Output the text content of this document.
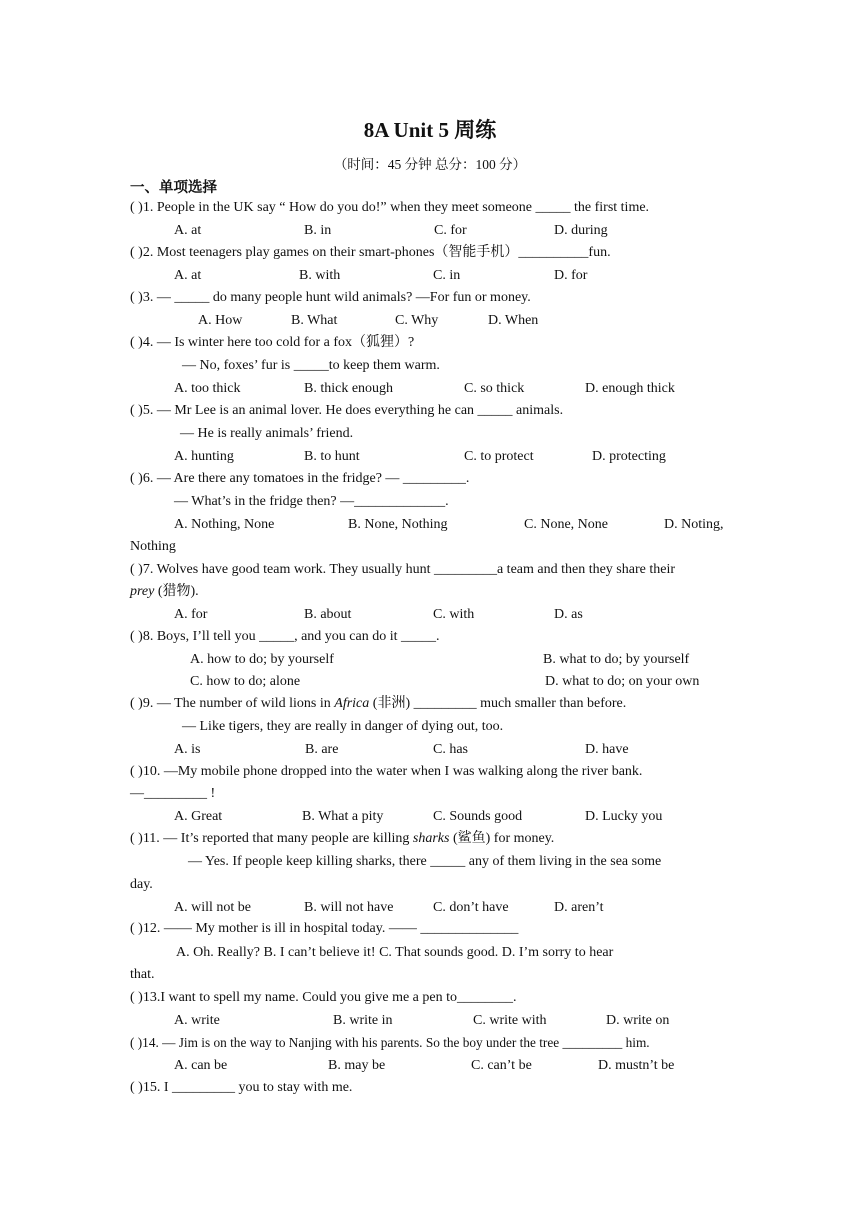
8A Unit 5 周练
（时间：45 分钟 总分：100 分）
一、单项选择
( )1. People in the UK say “ How do you do!” when they meet someone _____ the first time.
A. at	B. in	C. for	D. during
( )2. Most teenagers play games on their smart-phones（智能手机）__________fun.
A. at	B. with	C. in	D. for
( )3. — _____ do many people hunt wild animals? —For fun or money.
A. How	B. What	C. Why	D. When
( )4. — Is winter here too cold for a fox（狐狸）?
— No, foxes’ fur is _____to keep them warm.
A. too thick	B. thick enough	C. so thick	D. enough thick
( )5. — Mr Lee is an animal lover. He does everything he can _____ animals.
— He is really animals’ friend.
A. hunting	B. to hunt	C. to protect	D. protecting
( )6. — Are there any tomatoes in the fridge? — _________.
— What’s in the fridge then? —_____________.
A. Nothing, None	B. None, Nothing	C. None, None	D. Noting,
Nothing
( )7. Wolves have good team work. They usually hunt _________a team and then they share their
prey (猎物).
A. for	B. about	C. with	D. as
( )8. Boys, I’ll tell you _____, and you can do it _____.
A. how to do; by yourself	B. what to do; by yourself
C. how to do; alone	D. what to do; on your own
( )9. — The number of wild lions in Africa (非洲) _________ much smaller than before.
— Like tigers, they are really in danger of dying out, too.
A. is	B. are	C. has	D. have
( )10. —My mobile phone dropped into the water when I was walking along the river bank.
—_________ !
A. Great	B. What a pity	C. Sounds good	D. Lucky you
( )11. — It’s reported that many people are killing sharks (鲨鱼) for money.
— Yes. If people keep killing sharks, there _____ any of them living in the sea some
day.
A. will not be	B. will not have	C. don’t have	D. aren’t
( )12. —— My mother is ill in hospital today. —— ______________
A. Oh. Really? B. I can’t believe it! C. That sounds good. D. I’m sorry to hear
that.
( )13.I want to spell my name. Could you give me a pen to________.
A. write	B. write in	C. write with	D. write on
( )14. — Jim is on the way to Nanjing with his parents. So the boy under the tree _________ him.
A. can be	B. may be	C. can’t be	D. mustn’t be
( )15. I _________ you to stay with me.
